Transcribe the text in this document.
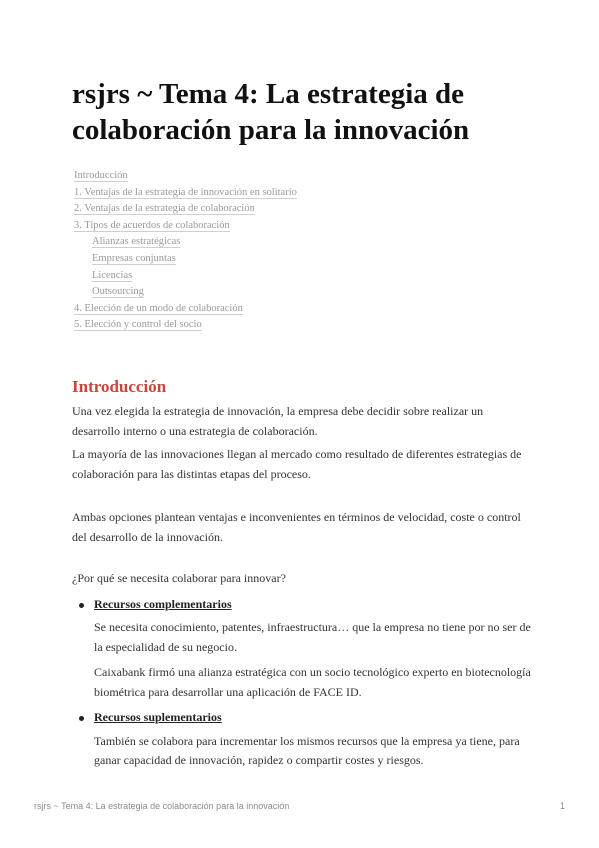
rsjrs ~ Tema 4: La estrategia de colaboración para la innovación
Introducción
1. Ventajas de la estrategia de innovación en solitario
2. Ventajas de la estrategia de colaboración
3. Tipos de acuerdos de colaboración
Alianzas estratégicas
Empresas conjuntas
Licencias
Outsourcing
4. Elección de un modo de colaboración
5. Elección y control del socio
Introducción

Una vez elegida la estrategia de innovación, la empresa debe decidir sobre realizar un desarrollo interno o una estrategia de colaboración.

La mayoría de las innovaciones llegan al mercado como resultado de diferentes estrategias de colaboración para las distintas etapas del proceso.

Ambas opciones plantean ventajas e inconvenientes en términos de velocidad, coste o control del desarrollo de la innovación.

¿Por qué se necesita colaborar para innovar?

Recursos complementarios

Se necesita conocimiento, patentes, infraestructura… que la empresa no tiene por no ser de la especialidad de su negocio.

Caixabank firmó una alianza estratégica con un socio tecnológico experto en biotecnología biométrica para desarrollar una aplicación de FACE ID.

Recursos suplementarios

También se colabora para incrementar los mismos recursos que la empresa ya tiene, para ganar capacidad de innovación, rapidez o compartir costes y riesgos.

rsjrs ~ Tema 4: La estrategia de colaboración para la innovación	1
